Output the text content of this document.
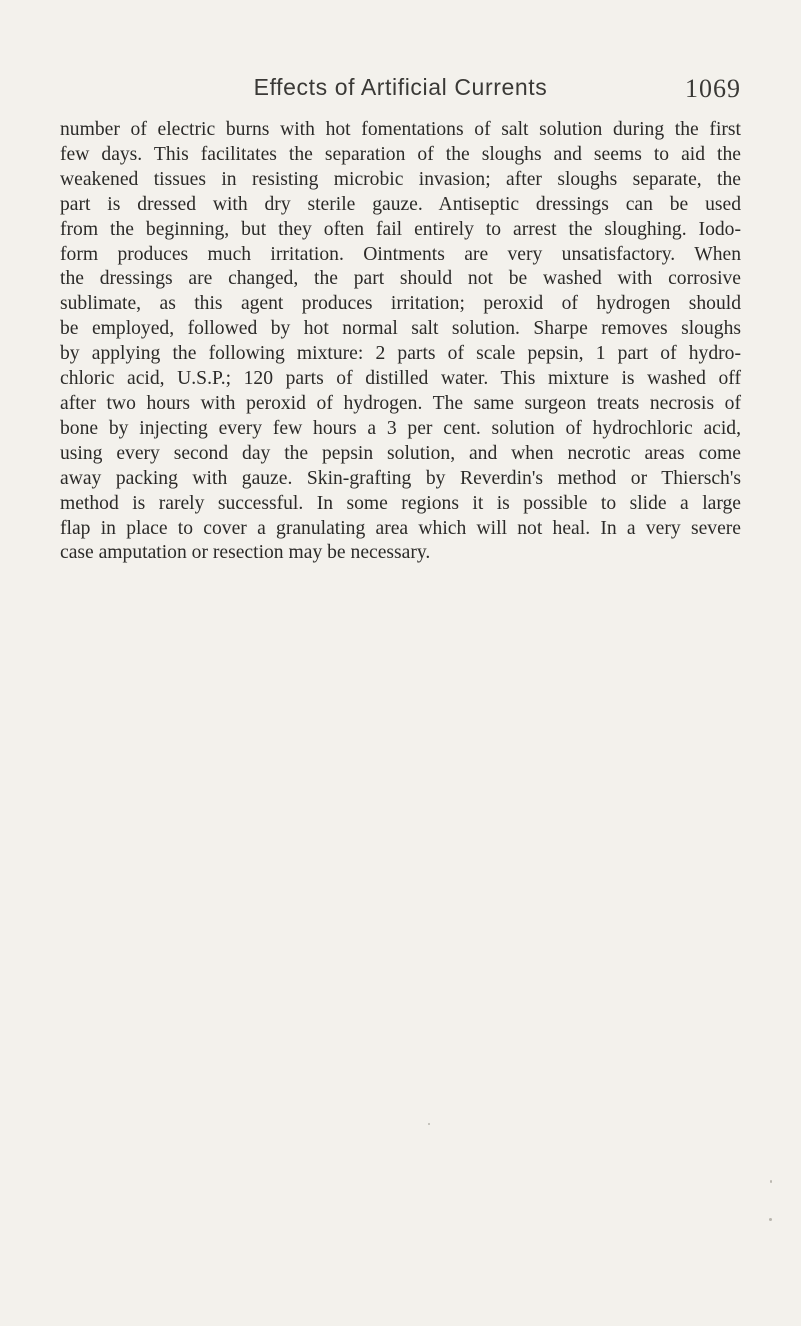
Effects of Artificial Currents	1069

number of electric burns with hot fomentations of salt solution during the first
few days. This facilitates the separation of the sloughs and seems to aid the
weakened tissues in resisting microbic invasion; after sloughs separate, the
part is dressed with dry sterile gauze. Antiseptic dressings can be used
from the beginning, but they often fail entirely to arrest the sloughing. Iodo-
form produces much irritation. Ointments are very unsatisfactory. When
the dressings are changed, the part should not be washed with corrosive
sublimate, as this agent produces irritation; peroxid of hydrogen should
be employed, followed by hot normal salt solution. Sharpe removes sloughs
by applying the following mixture: 2 parts of scale pepsin, 1 part of hydro-
chloric acid, U.S.P.; 120 parts of distilled water. This mixture is washed off
after two hours with peroxid of hydrogen. The same surgeon treats necrosis of
bone by injecting every few hours a 3 per cent. solution of hydrochloric acid,
using every second day the pepsin solution, and when necrotic areas come
away packing with gauze. Skin-grafting by Reverdin's method or Thiersch's
method is rarely successful. In some regions it is possible to slide a large
flap in place to cover a granulating area which will not heal. In a very severe
case amputation or resection may be necessary.
